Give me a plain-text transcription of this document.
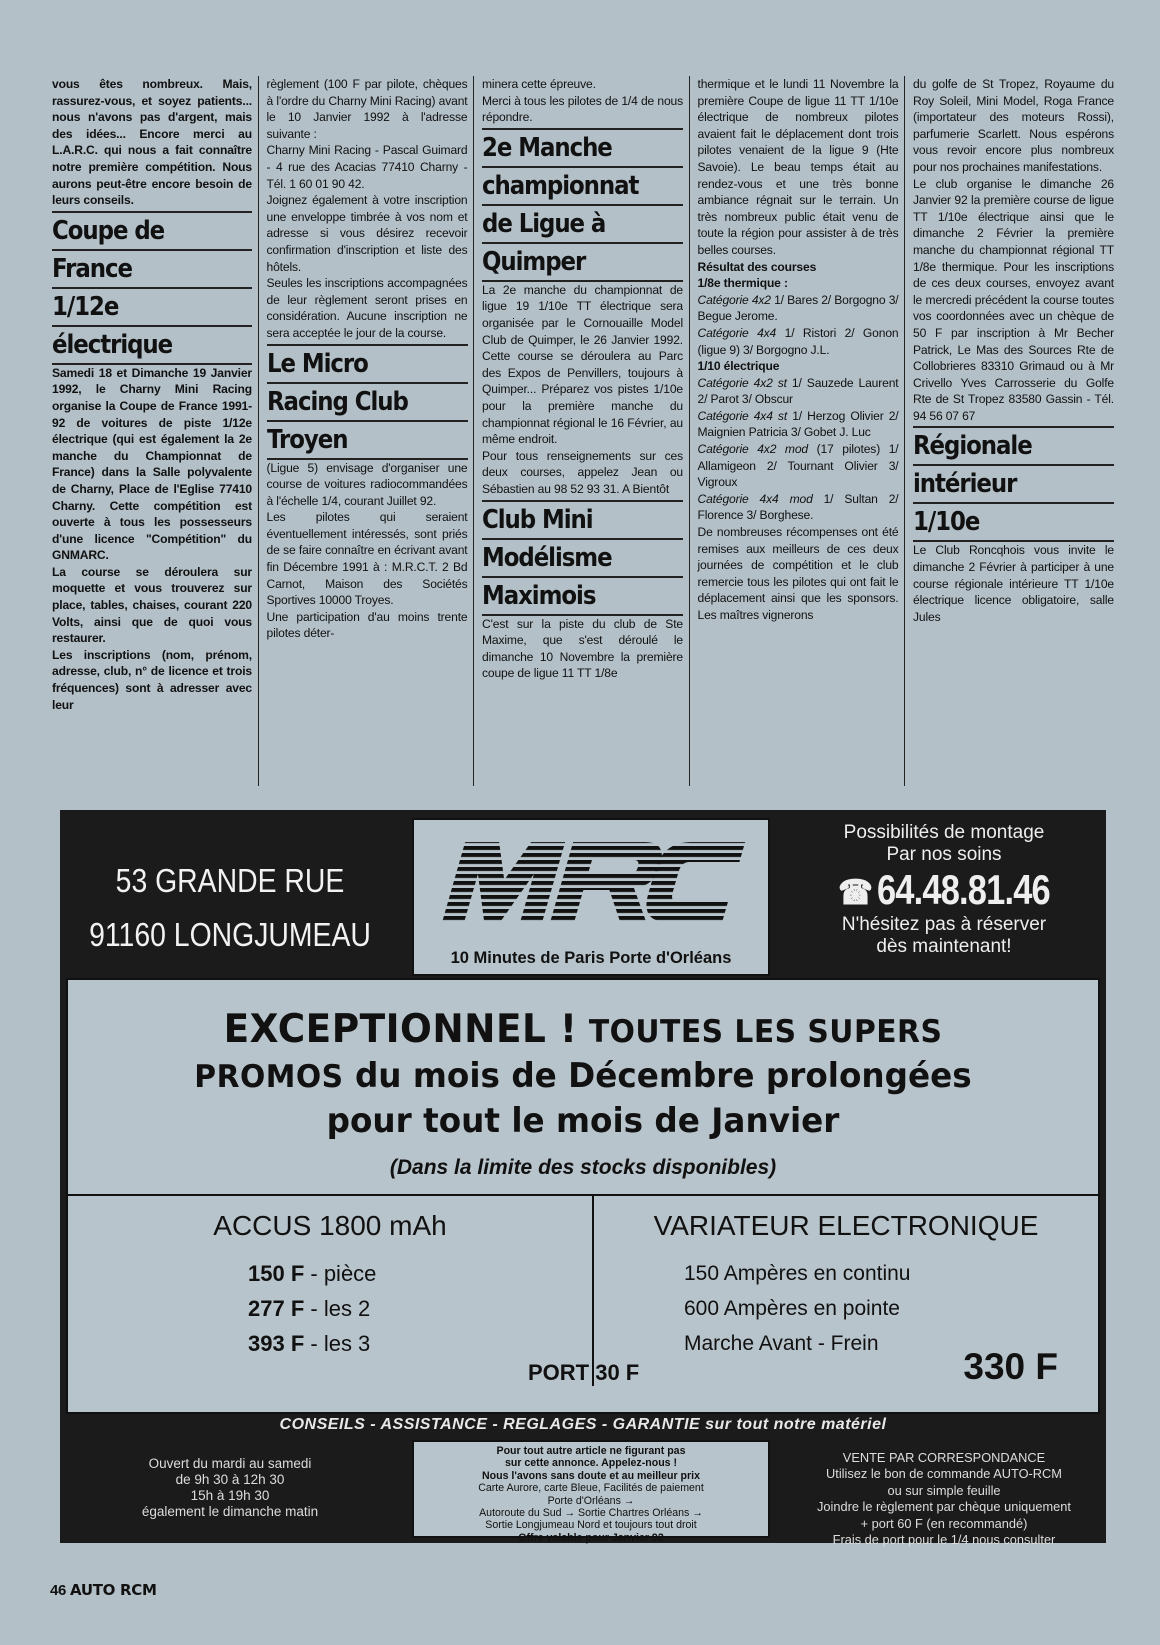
vous êtes nombreux. Mais, rassurez-vous, et soyez patients... nous n'avons pas d'argent, mais des idées... Encore merci au L.A.R.C. qui nous a fait connaître notre première compétition. Nous aurons peut-être encore besoin de leurs conseils.

Coupe de
France
1/12e
électrique

Samedi 18 et Dimanche 19 Janvier 1992, le Charny Mini Racing organise la Coupe de France 1991-92 de voitures de piste 1/12e électrique (qui est également la 2e manche du Championnat de France) dans la Salle polyvalente de Charny, Place de l'Eglise 77410 Charny. Cette compétition est ouverte à tous les possesseurs d'une licence "Compétition" du GNMARC.

La course se déroulera sur moquette et vous trouverez sur place, tables, chaises, courant 220 Volts, ainsi que de quoi vous restaurer.

Les inscriptions (nom, prénom, adresse, club, n° de licence et trois fréquences) sont à adresser avec leur

règlement (100 F par pilote, chèques à l'ordre du Charny Mini Racing) avant le 10 Janvier 1992 à l'adresse suivante :

Charny Mini Racing - Pascal Guimard - 4 rue des Acacias 77410 Charny - Tél. 1 60 01 90 42.

Joignez également à votre inscription une enveloppe timbrée à vos nom et adresse si vous désirez recevoir confirmation d'inscription et liste des hôtels.

Seules les inscriptions accompagnées de leur règlement seront prises en considération. Aucune inscription ne sera acceptée le jour de la course.

Le Micro
Racing Club
Troyen

(Ligue 5) envisage d'organiser une course de voitures radiocommandées à l'échelle 1/4, courant Juillet 92.

Les pilotes qui seraient éventuellement intéressés, sont priés de se faire connaître en écrivant avant fin Décembre 1991 à : M.R.C.T. 2 Bd Carnot, Maison des Sociétés Sportives 10000 Troyes.

Une participation d'au moins trente pilotes déter-

minera cette épreuve.

Merci à tous les pilotes de 1/4 de nous répondre.

2e Manche
championnat
de Ligue à
Quimper

La 2e manche du championnat de ligue 19 1/10e TT électrique sera organisée par le Cornouaille Model Club de Quimper, le 26 Janvier 1992. Cette course se déroulera au Parc des Expos de Penvillers, toujours à Quimper... Préparez vos pistes 1/10e pour la première manche du championnat régional le 16 Février, au même endroit.

Pour tous renseignements sur ces deux courses, appelez Jean ou Sébastien au 98 52 93 31. A Bientôt

Club Mini
Modélisme
Maximois

C'est sur la piste du club de Ste Maxime, que s'est déroulé le dimanche 10 Novembre la première coupe de ligue 11 TT 1/8e

thermique et le lundi 11 Novembre la première Coupe de ligue 11 TT 1/10e électrique de nombreux pilotes avaient fait le déplacement dont trois pilotes venaient de la ligue 9 (Hte Savoie). Le beau temps était au rendez-vous et une très bonne ambiance régnait sur le terrain. Un très nombreux public était venu de toute la région pour assister à de très belles courses.

Résultat des courses

1/8e thermique :

Catégorie 4x2 1/ Bares 2/ Borgogno 3/ Begue Jerome.

Catégorie 4x4 1/ Ristori 2/ Gonon (ligue 9) 3/ Borgogno J.L.

1/10 électrique

Catégorie 4x2 st 1/ Sauzede Laurent 2/ Parot 3/ Obscur

Catégorie 4x4 st 1/ Herzog Olivier 2/ Maignien Patricia 3/ Gobet J. Luc

Catégorie 4x2 mod (17 pilotes) 1/ Allamigeon 2/ Tournant Olivier 3/ Vigroux

Catégorie 4x4 mod 1/ Sultan 2/ Florence 3/ Borghese.

De nombreuses récompenses ont été remises aux meilleurs de ces deux journées de compétition et le club remercie tous les pilotes qui ont fait le déplacement ainsi que les sponsors. Les maîtres vignerons

du golfe de St Tropez, Royaume du Roy Soleil, Mini Model, Roga France (importateur des moteurs Rossi), parfumerie Scarlett. Nous espérons vous revoir encore plus nombreux pour nos prochaines manifestations.

Le club organise le dimanche 26 Janvier 92 la première course de ligue TT 1/10e électrique ainsi que le dimanche 2 Février la première manche du championnat régional TT 1/8e thermique. Pour les inscriptions de ces deux courses, envoyez avant le mercredi précédent la course toutes vos coordonnées avec un chèque de 50 F par inscription à Mr Becher Patrick, Le Mas des Sources Rte de Collobrieres 83310 Grimaud ou à Mr Crivello Yves Carrosserie du Golfe Rte de St Tropez 83580 Gassin - Tél. 94 56 07 67

Régionale
intérieur
1/10e

Le Club Roncqhois vous invite le dimanche 2 Février à participer à une course régionale intérieure TT 1/10e électrique licence obligatoire, salle Jules

53 GRANDE RUE
91160 LONGJUMEAU
10 Minutes de Paris Porte d'Orléans
Possibilités de montage
Par nos soins
☎ 64.48.81.46
N'hésitez pas à réserver
dès maintenant!
EXCEPTIONNEL ! TOUTES LES SUPERS
PROMOS du mois de Décembre prolongées
pour tout le mois de Janvier
(Dans la limite des stocks disponibles)
ACCUS 1800 mAh
150 F - pièce
277 F - les 2
393 F - les 3
VARIATEUR ELECTRONIQUE
150 Ampères en continu
600 Ampères en pointe
Marche Avant - Frein
330 F
PORT 30 F
CONSEILS - ASSISTANCE - REGLAGES - GARANTIE sur tout notre matériel
Ouvert du mardi au samedi
de 9h 30 à 12h 30
15h à 19h 30
également le dimanche matin
Pour tout autre article ne figurant pas
sur cette annonce. Appelez-nous !
Nous l'avons sans doute et au meilleur prix
Carte Aurore, carte Bleue, Facilités de paiement
Porte d'Orléans →
Autoroute du Sud → Sortie Chartres Orléans →
Sortie Longjumeau Nord et toujours tout droit
Offre valable pour Janvier 92
VENTE PAR CORRESPONDANCE
Utilisez le bon de commande AUTO-RCM
ou sur simple feuille
Joindre le règlement par chèque uniquement
+ port 60 F (en recommandé)
Frais de port pour le 1/4 nous consulter
46 AUTO RCM
